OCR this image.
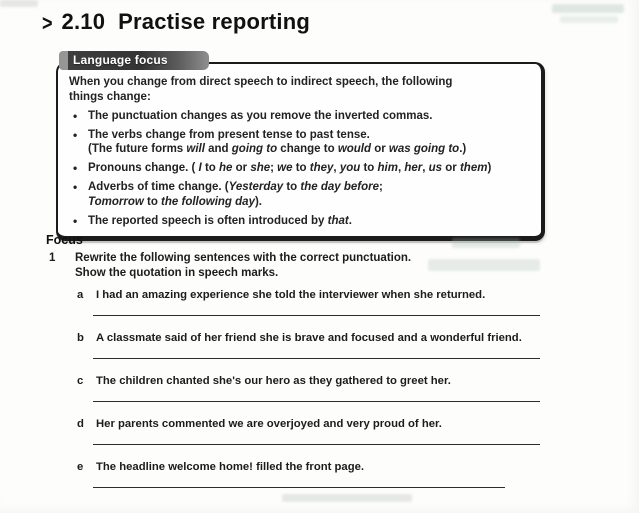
> 2.10 Practise reporting
Language focus
When you change from direct speech to indirect speech, the following
things change:
• The punctuation changes as you remove the inverted commas.
• The verbs change from present tense to past tense.
(The future forms will and going to change to would or was going to.)
• Pronouns change. ( I to he or she; we to they, you to him, her, us or them)
• Adverbs of time change. (Yesterday to the day before;
Tomorrow to the following day).
• The reported speech is often introduced by that.
Focus
1	Rewrite the following sentences with the correct punctuation.
Show the quotation in speech marks.
a I had an amazing experience she told the interviewer when she returned.
b A classmate said of her friend she is brave and focused and a wonderful friend.
c The children chanted she's our hero as they gathered to greet her.
d Her parents commented we are overjoyed and very proud of her.
e The headline welcome home! filled the front page.
